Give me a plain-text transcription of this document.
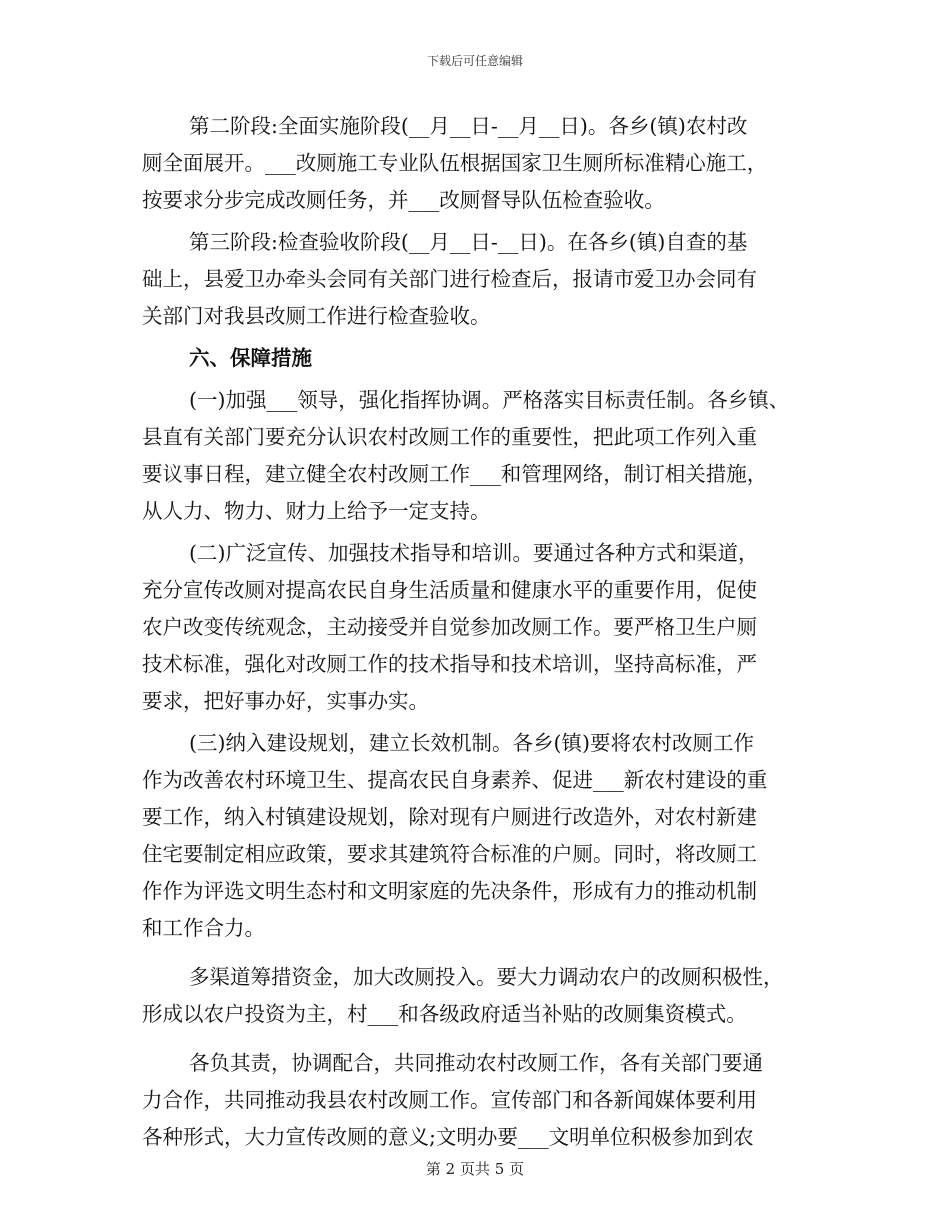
下载后可任意编辑
第二阶段:全面实施阶段(__月__日-__月__日)。各乡(镇)农村改
厕全面展开。___改厕施工专业队伍根据国家卫生厕所标准精心施工，
按要求分步完成改厕任务，并___改厕督导队伍检查验收。
第三阶段:检查验收阶段(__月__日-__日)。在各乡(镇)自查的基
础上，县爱卫办牵头会同有关部门进行检查后，报请市爱卫办会同有
关部门对我县改厕工作进行检查验收。
六、保障措施
(一)加强___领导，强化指挥协调。严格落实目标责任制。各乡镇、
县直有关部门要充分认识农村改厕工作的重要性，把此项工作列入重
要议事日程，建立健全农村改厕工作___和管理网络，制订相关措施，
从人力、物力、财力上给予一定支持。
(二)广泛宣传、加强技术指导和培训。要通过各种方式和渠道，
充分宣传改厕对提高农民自身生活质量和健康水平的重要作用，促使
农户改变传统观念，主动接受并自觉参加改厕工作。要严格卫生户厕
技术标准，强化对改厕工作的技术指导和技术培训，坚持高标准，严
要求，把好事办好，实事办实。
(三)纳入建设规划，建立长效机制。各乡(镇)要将农村改厕工作
作为改善农村环境卫生、提高农民自身素养、促进___新农村建设的重
要工作，纳入村镇建设规划，除对现有户厕进行改造外，对农村新建
住宅要制定相应政策，要求其建筑符合标准的户厕。同时，将改厕工
作作为评选文明生态村和文明家庭的先决条件，形成有力的推动机制
和工作合力。
多渠道筹措资金，加大改厕投入。要大力调动农户的改厕积极性，
形成以农户投资为主，村___和各级政府适当补贴的改厕集资模式。
各负其责，协调配合，共同推动农村改厕工作，各有关部门要通
力合作，共同推动我县农村改厕工作。宣传部门和各新闻媒体要利用
各种形式，大力宣传改厕的意义;文明办要___文明单位积极参加到农
第 2 页共 5 页
